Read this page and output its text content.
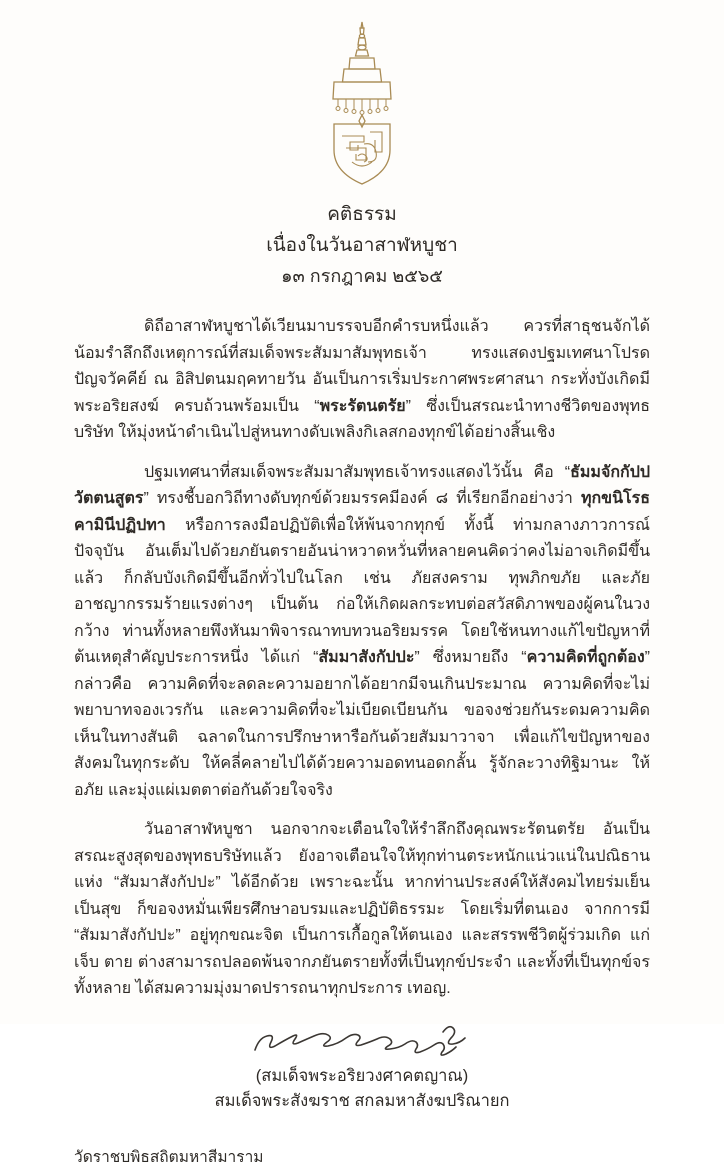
คติธรรม
เนื่องในวันอาสาฬหบูชา
๑๓ กรกฎาคม ๒๕๖๕

ดิถีอาสาฬหบูชาได้เวียนมาบรรจบอีกคำรบหนึ่งแล้ว ควรที่สาธุชนจักได้น้อมรำลึกถึงเหตุการณ์ที่สมเด็จพระสัมมาสัมพุทธเจ้า ทรงแสดงปฐมเทศนาโปรดปัญจวัคคีย์ ณ อิสิปตนมฤคทายวัน อันเป็นการเริ่มประกาศพระศาสนา กระทั่งบังเกิดมีพระอริยสงฆ์ ครบถ้วนพร้อมเป็น “พระรัตนตรัย” ซึ่งเป็นสรณะนำทางชีวิตของพุทธบริษัท ให้มุ่งหน้าดำเนินไปสู่หนทางดับเพลิงกิเลสกองทุกข์ได้อย่างสิ้นเชิง

ปฐมเทศนาที่สมเด็จพระสัมมาสัมพุทธเจ้าทรงแสดงไว้นั้น คือ “ธัมมจักกัปปวัตตนสูตร” ทรงชี้บอกวิถีทางดับทุกข์ด้วยมรรคมีองค์ ๘ ที่เรียกอีกอย่างว่า ทุกขนิโรธคามินีปฏิปทา หรือการลงมือปฏิบัติเพื่อให้พ้นจากทุกข์ ทั้งนี้ ท่ามกลางภาวการณ์ปัจจุบัน อันเต็มไปด้วยภยันตรายอันน่าหวาดหวั่นที่หลายคนคิดว่าคงไม่อาจเกิดมีขึ้นแล้ว ก็กลับบังเกิดมีขึ้นอีกทั่วไปในโลก เช่น ภัยสงคราม ทุพภิกขภัย และภัยอาชญากรรมร้ายแรงต่างๆ เป็นต้น ก่อให้เกิดผลกระทบต่อสวัสดิภาพของผู้คนในวงกว้าง ท่านทั้งหลายพึงหันมาพิจารณาทบทวนอริยมรรค โดยใช้หนทางแก้ไขปัญหาที่ต้นเหตุสำคัญประการหนึ่ง ได้แก่ “สัมมาสังกัปปะ” ซึ่งหมายถึง “ความคิดที่ถูกต้อง” กล่าวคือ ความคิดที่จะลดละความอยากได้อยากมีจนเกินประมาณ ความคิดที่จะไม่พยาบาทจองเวรกัน และความคิดที่จะไม่เบียดเบียนกัน ขอจงช่วยกันระดมความคิดเห็นในทางสันติ ฉลาดในการปรึกษาหารือกันด้วยสัมมาวาจา เพื่อแก้ไขปัญหาของสังคมในทุกระดับ ให้คลี่คลายไปได้ด้วยความอดทนอดกลั้น รู้จักละวางทิฐิมานะ ให้อภัย และมุ่งแผ่เมตตาต่อกันด้วยใจจริง

วันอาสาฬหบูชา นอกจากจะเตือนใจให้รำลึกถึงคุณพระรัตนตรัย อันเป็นสรณะสูงสุดของพุทธบริษัทแล้ว ยังอาจเตือนใจให้ทุกท่านตระหนักแน่วแน่ในปณิธานแห่ง “สัมมาสังกัปปะ” ได้อีกด้วย เพราะฉะนั้น หากท่านประสงค์ให้สังคมไทยร่มเย็นเป็นสุข ก็ขอจงหมั่นเพียรศึกษาอบรมและปฏิบัติธรรมะ โดยเริ่มที่ตนเอง จากการมี “สัมมาสังกัปปะ” อยู่ทุกขณะจิต เป็นการเกื้อกูลให้ตนเอง และสรรพชีวิตผู้ร่วมเกิด แก่ เจ็บ ตาย ต่างสามารถปลอดพ้นจากภยันตรายทั้งที่เป็นทุกข์ประจำ และทั้งที่เป็นทุกข์จรทั้งหลาย ได้สมความมุ่งมาดปรารถนาทุกประการ เทอญ.

(สมเด็จพระอริยวงศาคตญาณ)
สมเด็จพระสังฆราช สกลมหาสังฆปริณายก
วัดราชบพิธสถิตมหาสีมาราม
